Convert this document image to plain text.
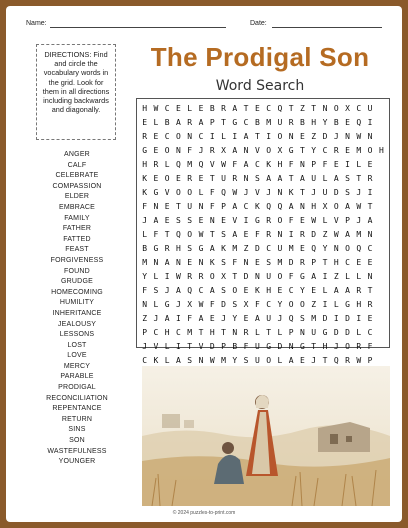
Name:	Date:
DIRECTIONS: Find and circle the vocabulary words in the grid. Look for them in all directions including backwards and diagonally.
The Prodigal Son
Word Search
H W C E L E B R A T E C Q T Z T N O X C U
E L B A R A P T G C B M U R B H Y B E Q I
R E C O N C I L I A T I O N E Z D J N W N
G E O N F J R X A N V O X G T Y C R E M O H
H R L Q M Q V W F A C K H F N P F E I L E
K E O E R E T U R N S A A T A U L A S T R
K G V O O L F Q W J V J N K T J U D S J I
F N E T U N F P A C K Q Q A N H X O A W T
J A E S S E N E V I G R O F E W L V P J A
L F T Q O W T S A E F R N I R D Z W A M N
B G R H S G A K M Z D C U M E Q Y N O Q C
M N A N E N K S F N E S M D R P T H C E E
Y L I W R R O X T D N U O F G A I Z L L N
F S J A Q C A S O E K H E C Y E L A A R T
N L G J X W F D S X F C Y O O Z I L G H R
Z J A I F A E J Y E A U J Q S M D I D I E
P C H C M T H T N R L T L P N U G D D L C
J V L I T V D P B F U G D N G T H J O R F
C K L A S N W M Y S U O L A E J T Q R W P
ANGER
CALF
CELEBRATE
COMPASSION
ELDER
EMBRACE
FAMILY
FATHER
FATTED
FEAST
FORGIVENESS
FOUND
GRUDGE
HOMECOMING
HUMILITY
INHERITANCE
JEALOUSY
LESSONS
LOST
LOVE
MERCY
PARABLE
PRODIGAL
RECONCILIATION
REPENTANCE
RETURN
SINS
SON
WASTEFULNESS
YOUNGER
© 2024 puzzles-to-print.com
